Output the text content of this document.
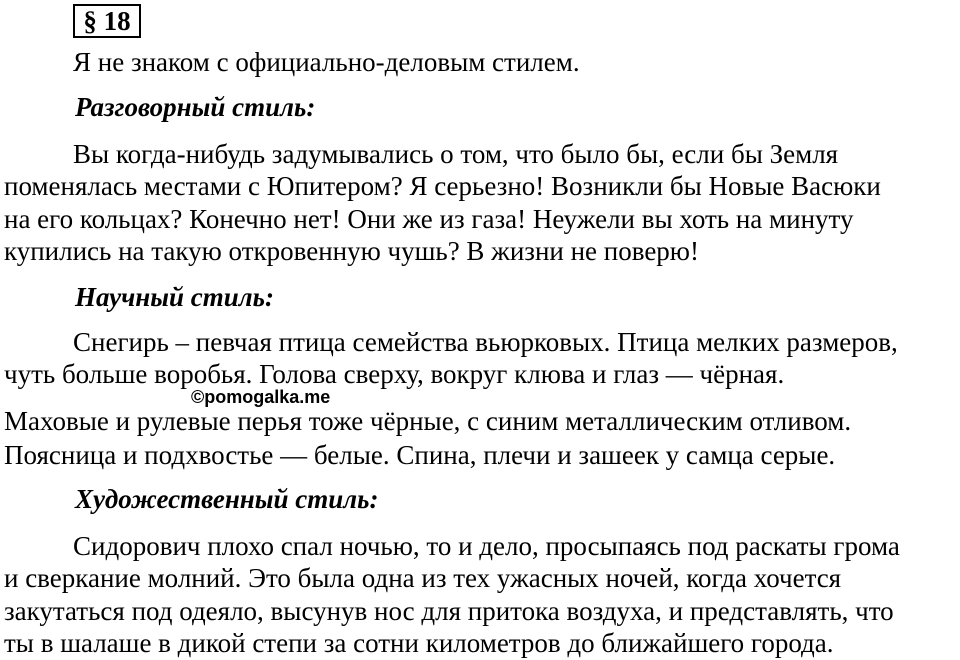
§ 18
Я не знаком с официально-деловым стилем.
Разговорный стиль:
Вы когда-нибудь задумывались о том, что было бы, если бы Земля
поменялась местами с Юпитером? Я серьезно! Возникли бы Новые Васюки
на его кольцах? Конечно нет! Они же из газа! Неужели вы хоть на минуту
купились на такую откровенную чушь? В жизни не поверю!
Научный стиль:
Снегирь – певчая птица семейства вьюрковых. Птица мелких размеров,
чуть больше воробья. Голова сверху, вокруг клюва и глаз — чёрная.
©pomogalka.me
Маховые и рулевые перья тоже чёрные, с синим металлическим отливом.
Поясница и подхвостье — белые. Спина, плечи и зашеек у самца серые.
Художественный стиль:
Сидорович плохо спал ночью, то и дело, просыпаясь под раскаты грома
и сверкание молний. Это была одна из тех ужасных ночей, когда хочется
закутаться под одеяло, высунув нос для притока воздуха, и представлять, что
ты в шалаше в дикой степи за сотни километров до ближайшего города.
